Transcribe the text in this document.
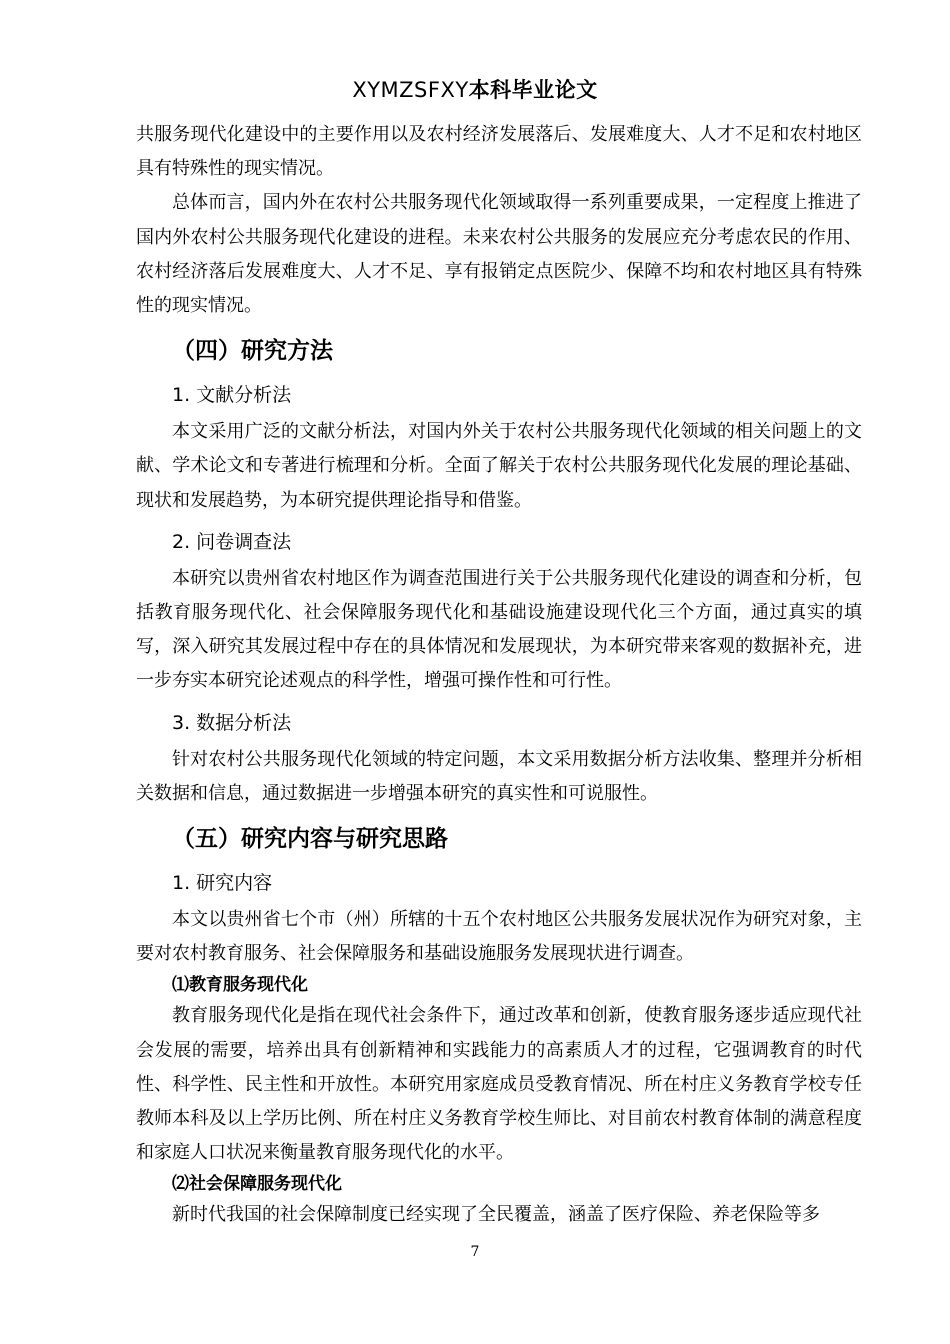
XYMZSFXY本科毕业论文

共服务现代化建设中的主要作用以及农村经济发展落后、发展难度大、人才不足和农村地区具有特殊性的现实情况。

总体而言，国内外在农村公共服务现代化领域取得一系列重要成果，一定程度上推进了国内外农村公共服务现代化建设的进程。未来农村公共服务的发展应充分考虑农民的作用、农村经济落后发展难度大、人才不足、享有报销定点医院少、保障不均和农村地区具有特殊性的现实情况。

（四）研究方法
1. 文献分析法

本文采用广泛的文献分析法，对国内外关于农村公共服务现代化领域的相关问题上的文献、学术论文和专著进行梳理和分析。全面了解关于农村公共服务现代化发展的理论基础、现状和发展趋势，为本研究提供理论指导和借鉴。

2. 问卷调查法

本研究以贵州省农村地区作为调查范围进行关于公共服务现代化建设的调查和分析，包括教育服务现代化、社会保障服务现代化和基础设施建设现代化三个方面，通过真实的填写，深入研究其发展过程中存在的具体情况和发展现状，为本研究带来客观的数据补充，进一步夯实本研究论述观点的科学性，增强可操作性和可行性。

3. 数据分析法

针对农村公共服务现代化领域的特定问题，本文采用数据分析方法收集、整理并分析相关数据和信息，通过数据进一步增强本研究的真实性和可说服性。

（五）研究内容与研究思路
1. 研究内容

本文以贵州省七个市（州）所辖的十五个农村地区公共服务发展状况作为研究对象，主要对农村教育服务、社会保障服务和基础设施服务发展现状进行调查。

⑴教育服务现代化

教育服务现代化是指在现代社会条件下，通过改革和创新，使教育服务逐步适应现代社会发展的需要，培养出具有创新精神和实践能力的高素质人才的过程，它强调教育的时代性、科学性、民主性和开放性。本研究用家庭成员受教育情况、所在村庄义务教育学校专任教师本科及以上学历比例、所在村庄义务教育学校生师比、对目前农村教育体制的满意程度和家庭人口状况来衡量教育服务现代化的水平。

⑵社会保障服务现代化

新时代我国的社会保障制度已经实现了全民覆盖，涵盖了医疗保险、养老保险等多

7
